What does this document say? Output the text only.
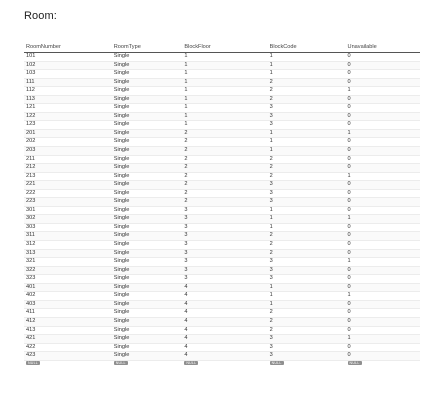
Room:
RoomNumber	RoomType	BlockFloor	BlockCode	Unavailable
101	Single	1	1	0
102	Single	1	1	0
103	Single	1	1	0
111	Single	1	2	0
112	Single	1	2	1
113	Single	1	2	0
121	Single	1	3	0
122	Single	1	3	0
123	Single	1	3	0
201	Single	2	1	1
202	Single	2	1	0
203	Single	2	1	0
211	Single	2	2	0
212	Single	2	2	0
213	Single	2	2	1
221	Single	2	3	0
222	Single	2	3	0
223	Single	2	3	0
301	Single	3	1	0
302	Single	3	1	1
303	Single	3	1	0
311	Single	3	2	0
312	Single	3	2	0
313	Single	3	2	0
321	Single	3	3	1
322	Single	3	3	0
323	Single	3	3	0
401	Single	4	1	0
402	Single	4	1	1
403	Single	4	1	0
411	Single	4	2	0
412	Single	4	2	0
413	Single	4	2	0
421	Single	4	3	1
422	Single	4	3	0
423	Single	4	3	0
NULL	NULL	NULL	NULL	NULL
